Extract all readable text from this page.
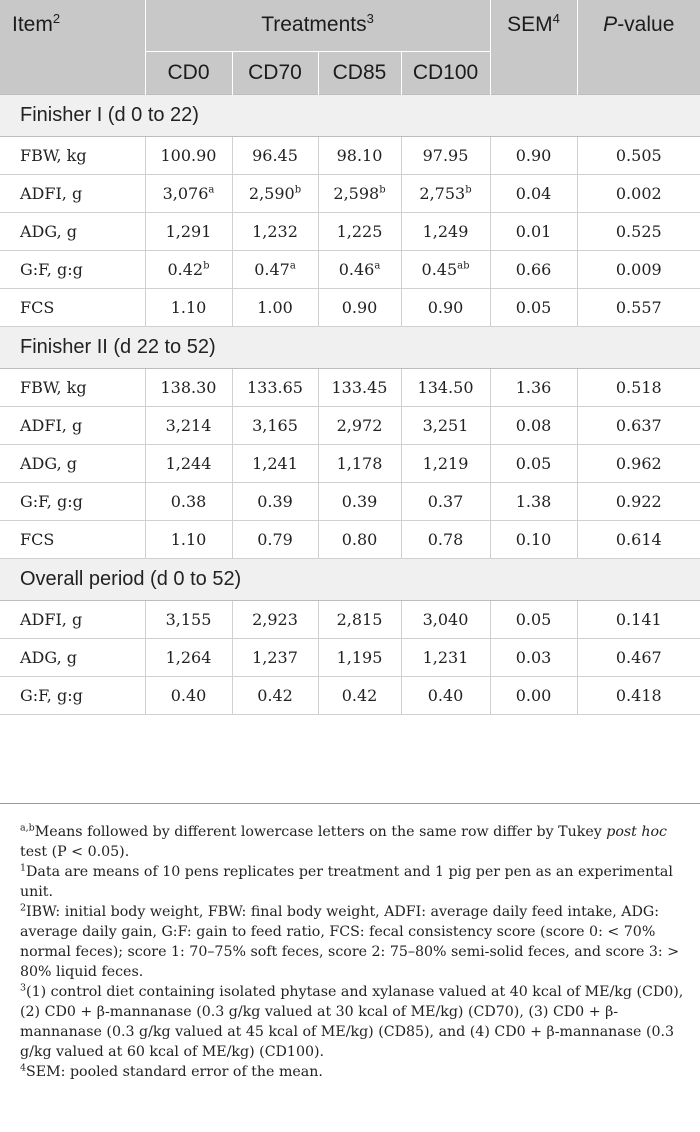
Item$^2$	Treatments$^3$				SEM$^4$	P-value
	CD0	CD70	CD85	CD100		
Finisher I (d 0 to 22)						
FBW, kg	100.90	96.45	98.10	97.95	0.90	0.505
ADFI, g	3,076$^a$	2,590$^b$	2,598$^b$	2,753$^b$	0.04	0.002
ADG, g	1,291	1,232	1,225	1,249	0.01	0.525
G:F, g:g	0.42$^b$	0.47$^a$	0.46$^a$	0.45$^{ab}$	0.66	0.009
FCS	1.10	1.00	0.90	0.90	0.05	0.557
Finisher II (d 22 to 52)						
FBW, kg	138.30	133.65	133.45	134.50	1.36	0.518
ADFI, g	3,214	3,165	2,972	3,251	0.08	0.637
ADG, g	1,244	1,241	1,178	1,219	0.05	0.962
G:F, g:g	0.38	0.39	0.39	0.37	1.38	0.922
FCS	1.10	0.79	0.80	0.78	0.10	0.614
Overall period (d 0 to 52)						
ADFI, g	3,155	2,923	2,815	3,040	0.05	0.141
ADG, g	1,264	1,237	1,195	1,231	0.03	0.467
G:F, g:g	0.40	0.42	0.42	0.40	0.00	0.418

$^{a,b}$Means followed by different lowercase letters on the same row differ by Tukey post hoc test (P < 0.05).

$^1$Data are means of 10 pens replicates per treatment and 1 pig per pen as an experimental unit.

$^2$IBW: initial body weight, FBW: final body weight, ADFI: average daily feed intake, ADG: average daily gain, G:F: gain to feed ratio, FCS: fecal consistency score (score 0: < 70% normal feces); score 1: 70–75% soft feces, score 2: 75–80% semi-solid feces, and score 3: > 80% liquid feces.

$^3$(1) control diet containing isolated phytase and xylanase valued at 40 kcal of ME/kg (CD0), (2) CD0 + β-mannanase (0.3 g/kg valued at 30 kcal of ME/kg) (CD70), (3) CD0 + β-mannanase (0.3 g/kg valued at 45 kcal of ME/kg) (CD85), and (4) CD0 + β-mannanase (0.3 g/kg valued at 60 kcal of ME/kg) (CD100).

$^4$SEM: pooled standard error of the mean.
